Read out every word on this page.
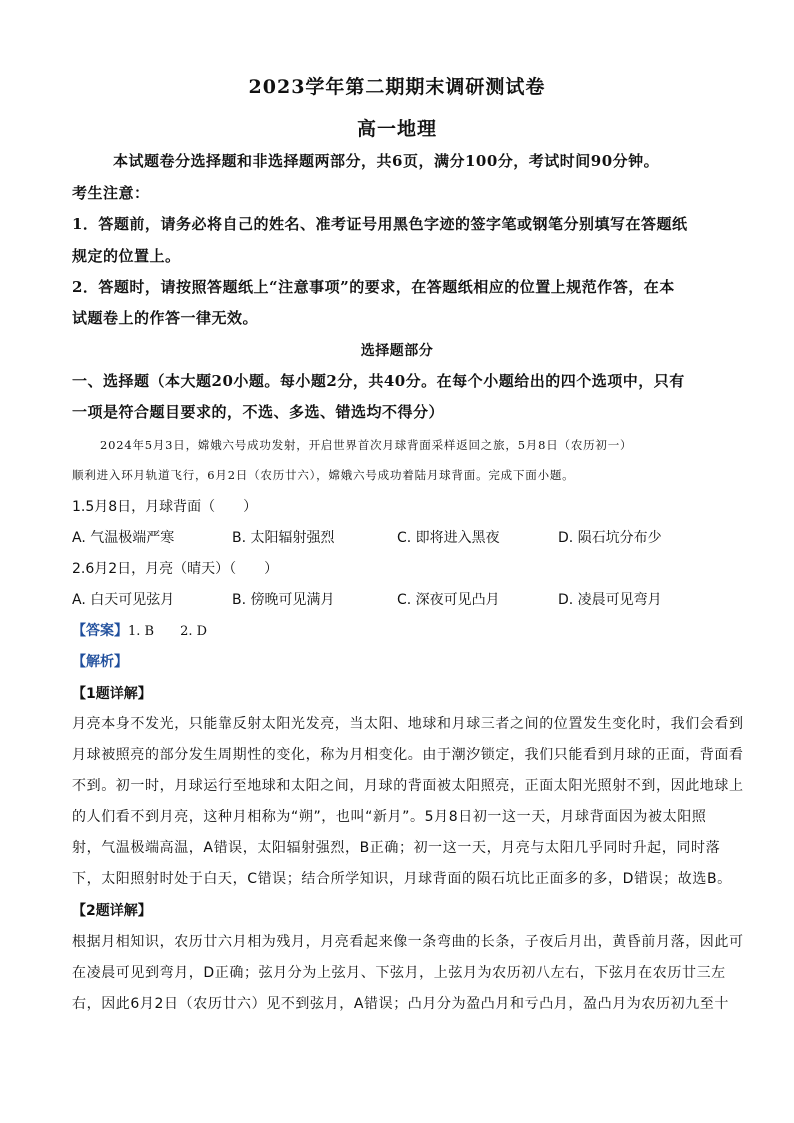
2023学年第二期期末调研测试卷
高一地理
本试题卷分选择题和非选择题两部分，共6页，满分100分，考试时间90分钟。
考生注意：
1．答题前，请务必将自己的姓名、准考证号用黑色字迹的签字笔或钢笔分别填写在答题纸
规定的位置上。
2．答题时，请按照答题纸上“注意事项”的要求，在答题纸相应的位置上规范作答，在本
试题卷上的作答一律无效。
选择题部分
一、选择题（本大题20小题。每小题2分，共40分。在每个小题给出的四个选项中，只有
一项是符合题目要求的，不选、多选、错选均不得分）
2024年5月3日，嫦娥六号成功发射，开启世界首次月球背面采样返回之旅，5月8日（农历初一）
顺利进入环月轨道飞行，6月2日（农历廿六），嫦娥六号成功着陆月球背面。完成下面小题。
1.5月8日，月球背面（　　）
A. 气温极端严寒	B. 太阳辐射强烈	C. 即将进入黑夜	D. 陨石坑分布少
2.6月2日，月亮（晴天）（　　）
A. 白天可见弦月	B. 傍晚可见满月	C. 深夜可见凸月	D. 凌晨可见弯月
【答案】1. B　　2. D
【解析】
【1题详解】
月亮本身不发光，只能靠反射太阳光发亮，当太阳、地球和月球三者之间的位置发生变化时，我们会看到
月球被照亮的部分发生周期性的变化，称为月相变化。由于潮汐锁定，我们只能看到月球的正面，背面看
不到。初一时，月球运行至地球和太阳之间，月球的背面被太阳照亮，正面太阳光照射不到，因此地球上
的人们看不到月亮，这种月相称为“朔”，也叫“新月”。5月8日初一这一天，月球背面因为被太阳照
射，气温极端高温，A错误，太阳辐射强烈，B正确；初一这一天，月亮与太阳几乎同时升起，同时落
下，太阳照射时处于白天，C错误；结合所学知识，月球背面的陨石坑比正面多的多，D错误；故选B。
【2题详解】
根据月相知识，农历廿六月相为残月，月亮看起来像一条弯曲的长条，子夜后月出，黄昏前月落，因此可
在凌晨可见到弯月，D正确；弦月分为上弦月、下弦月，上弦月为农历初八左右，下弦月在农历廿三左
右，因此6月2日（农历廿六）见不到弦月，A错误；凸月分为盈凸月和亏凸月，盈凸月为农历初九至十
